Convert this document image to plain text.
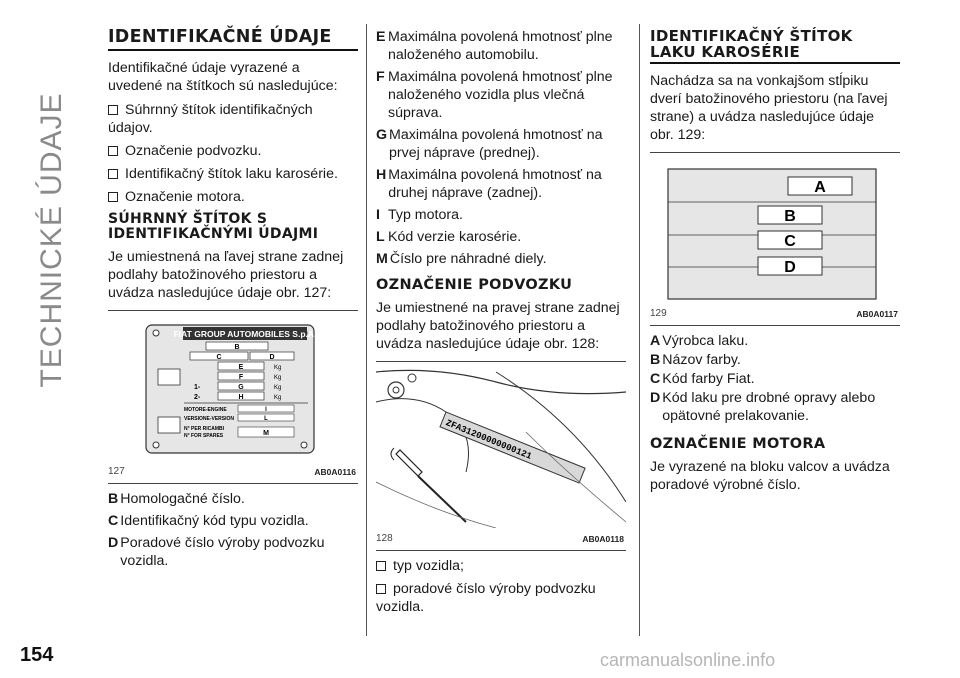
TECHNICKÉ ÚDAJE
154	carmanualsonline.info
IDENTIFIKAČNÉ ÚDAJE

Identifikačné údaje vyrazené a uvedené na štítkoch sú nasledujúce:

Súhrnný štítok identifikačných údajov.
Označenie podvozku.
Identifikačný štítok laku karosérie.
Označenie motora.
SÚHRNNÝ ŠTÍTOK S IDENTIFIKAČNÝMI ÚDAJMI

Je umiestnená na ľavej strane zadnej podlahy batožinového priestoru a uvádza nasledujúce údaje obr. 127:

FIAT GROUP AUTOMOBILES S.p.A.
B
C	D
E	Kg
F	Kg
1-	G	Kg
2-	H	Kg
MOTORE-ENGINE	I
VERSIONE-VERSION	L
N° PER RICAMBI
N° FOR SPARES	M
127	AB0A0116
B Homologačné číslo.
C Identifikačný kód typu vozidla.
D Poradové číslo výroby podvozku vozidla.
E Maximálna povolená hmotnosť plne naloženého automobilu.
F Maximálna povolená hmotnosť plne naloženého vozidla plus vlečná súprava.
G Maximálna povolená hmotnosť na prvej náprave (prednej).
H Maximálna povolená hmotnosť na druhej náprave (zadnej).
I Typ motora.
L Kód verzie karosérie.
M Číslo pre náhradné diely.
OZNAČENIE PODVOZKU

Je umiestnené na pravej strane zadnej podlahy batožinového priestoru a uvádza nasledujúce údaje obr. 128:

ZFA31200000000121
128	AB0A0118
typ vozidla;
poradové číslo výroby podvozku vozidla.
IDENTIFIKAČNÝ ŠTÍTOK LAKU KAROSÉRIE

Nachádza sa na vonkajšom stĺpiku dverí batožinového priestoru (na ľavej strane) a uvádza nasledujúce údaje obr. 129:

A
B
C
D
129	AB0A0117
A Výrobca laku.
B Názov farby.
C Kód farby Fiat.
D Kód laku pre drobné opravy alebo opätovné prelakovanie.
OZNAČENIE MOTORA

Je vyrazené na bloku valcov a uvádza poradové výrobné číslo.
